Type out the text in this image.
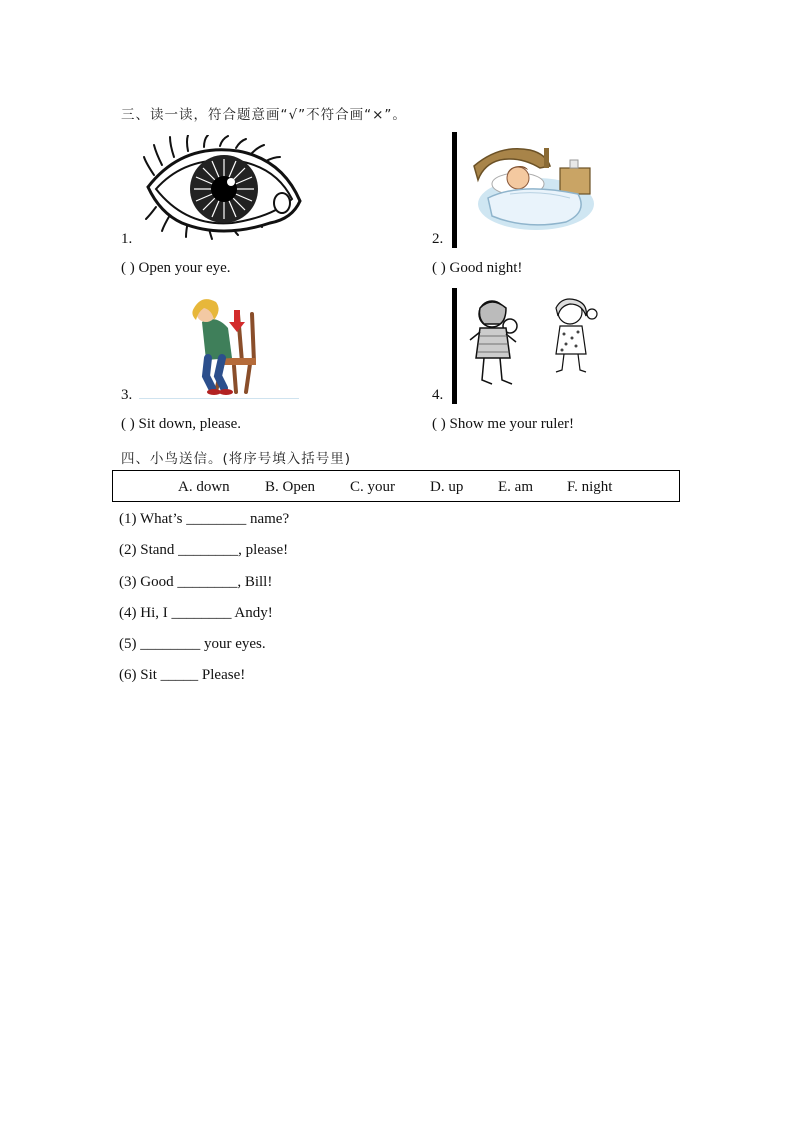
三、读一读，符合题意画“√”不符合画“×”。
1.
( ) Open your eye.
2.
( ) Good night!
3.
( ) Sit down, please.
4.
( ) Show me your ruler!
四、小鸟送信。(将序号填入括号里)
A. down B. Open C. your D. up E. am F. night
(1) What’s ________ name?
(2) Stand ________, please!
(3) Good ________, Bill!
(4) Hi, I ________ Andy!
(5) ________ your eyes.
(6) Sit _____ Please!
